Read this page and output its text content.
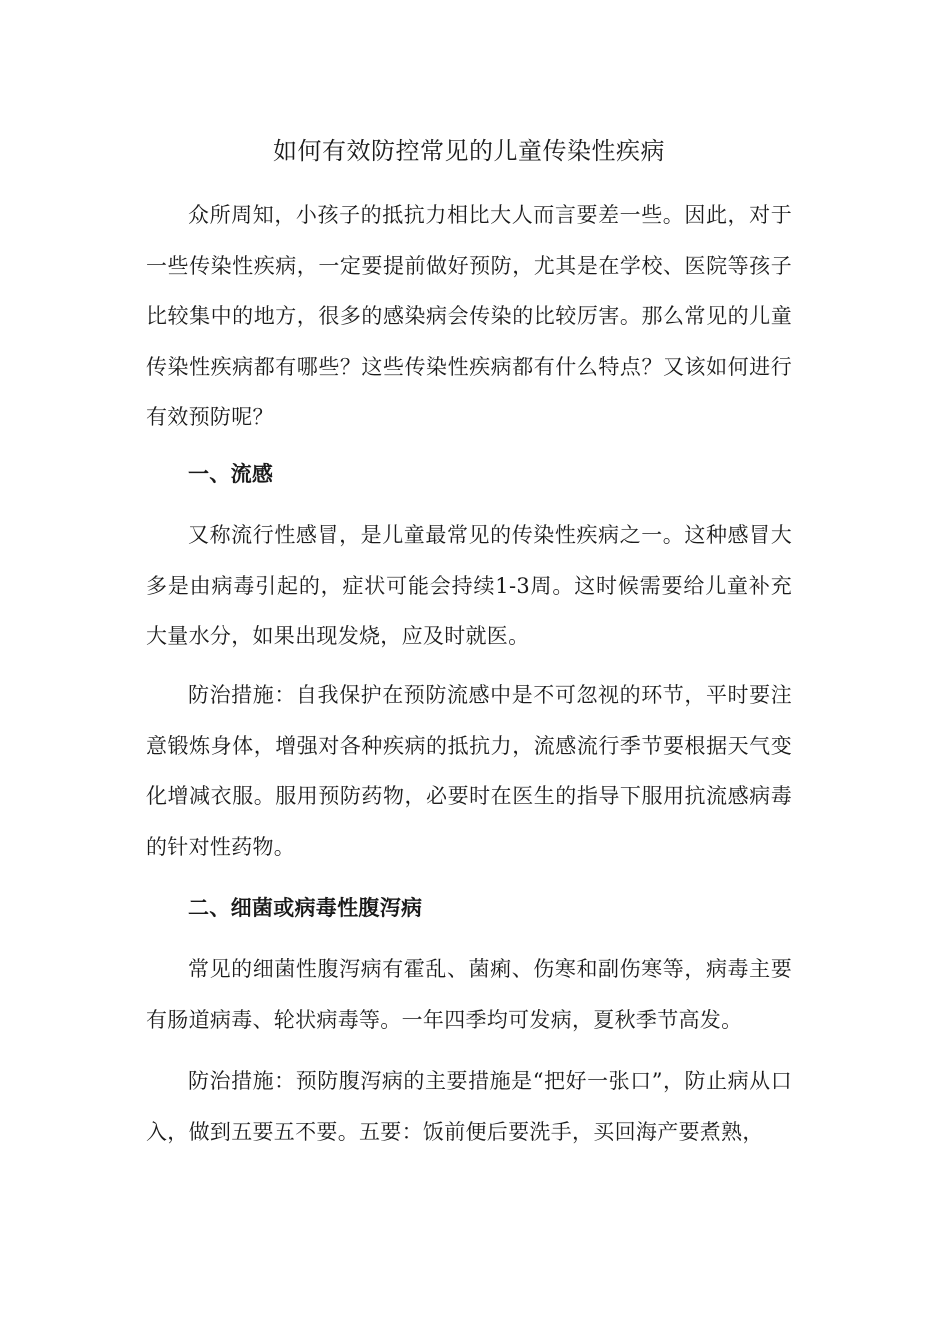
如何有效防控常见的儿童传染性疾病

众所周知，小孩子的抵抗力相比大人而言要差一些。因此，对于一些传染性疾病，一定要提前做好预防，尤其是在学校、医院等孩子比较集中的地方，很多的感染病会传染的比较厉害。那么常见的儿童传染性疾病都有哪些？这些传染性疾病都有什么特点？又该如何进行有效预防呢？

一、流感

又称流行性感冒，是儿童最常见的传染性疾病之一。这种感冒大多是由病毒引起的，症状可能会持续1-3周。这时候需要给儿童补充大量水分，如果出现发烧，应及时就医。

防治措施：自我保护在预防流感中是不可忽视的环节，平时要注意锻炼身体，增强对各种疾病的抵抗力，流感流行季节要根据天气变化增减衣服。服用预防药物，必要时在医生的指导下服用抗流感病毒的针对性药物。

二、细菌或病毒性腹泻病

常见的细菌性腹泻病有霍乱、菌痢、伤寒和副伤寒等，病毒主要有肠道病毒、轮状病毒等。一年四季均可发病，夏秋季节高发。

防治措施：预防腹泻病的主要措施是“把好一张口”，防止病从口入，做到五要五不要。五要：饭前便后要洗手，买回海产要煮熟，
